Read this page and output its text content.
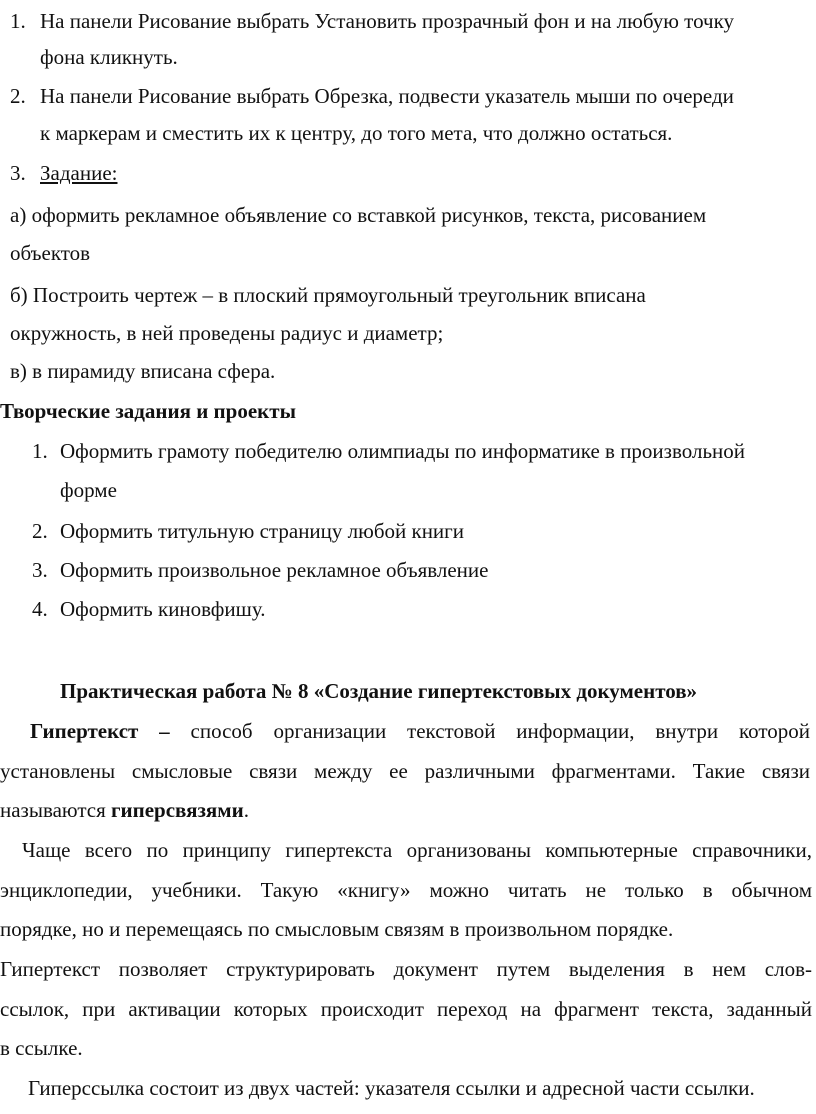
1. На панели Рисование выбрать Установить прозрачный фон и на любую точку
фона кликнуть.
2. На панели Рисование выбрать Обрезка, подвести указатель мыши по очереди
к маркерам и сместить их к центру, до того мета, что должно остаться.
3. Задание:
а) оформить рекламное объявление со вставкой рисунков, текста, рисованием
объектов
б) Построить чертеж – в плоский прямоугольный треугольник вписана
окружность, в ней проведены радиус и диаметр;
в) в пирамиду вписана сфера.
Творческие задания и проекты
1. Оформить грамоту победителю олимпиады по информатике в произвольной
форме
2. Оформить титульную страницу любой книги
3. Оформить произвольное рекламное объявление
4. Оформить киновфишу.
Практическая работа № 8 «Создание гипертекстовых документов»
Гипертекст – способ организации текстовой информации, внутри которой
установлены смысловые связи между ее различными фрагментами. Такие связи
называются гиперсвязями.
Чаще всего по принципу гипертекста организованы компьютерные справочники,
энциклопедии, учебники. Такую «книгу» можно читать не только в обычном
порядке, но и перемещаясь по смысловым связям в произвольном порядке.
Гипертекст позволяет структурировать документ путем выделения в нем слов-
ссылок, при активации которых происходит переход на фрагмент текста, заданный
в ссылке.
Гиперссылка состоит из двух частей: указателя ссылки и адресной части ссылки.
